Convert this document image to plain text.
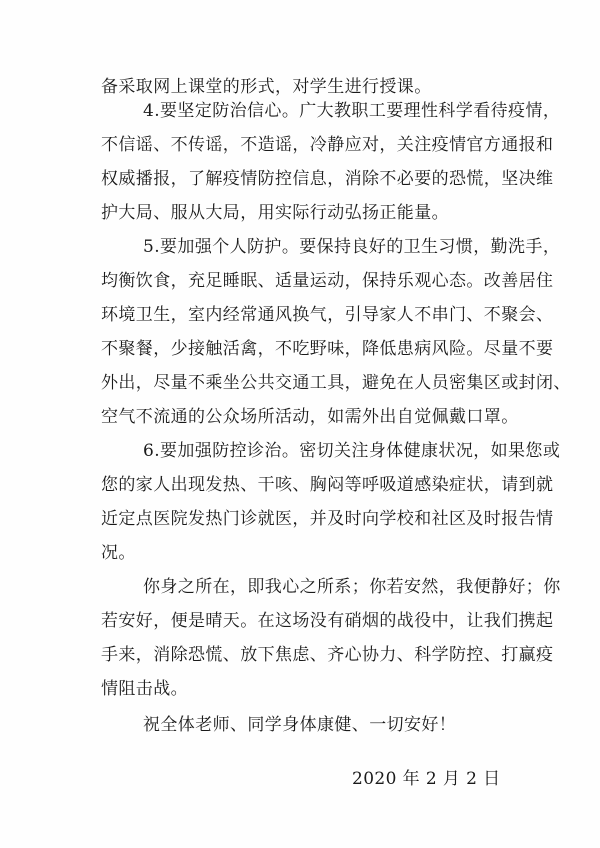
备采取网上课堂的形式，对学生进行授课。
4.要坚定防治信心。广大教职工要理性科学看待疫情，
不信谣、不传谣，不造谣，冷静应对，关注疫情官方通报和
权威播报，了解疫情防控信息，消除不必要的恐慌，坚决维
护大局、服从大局，用实际行动弘扬正能量。
5.要加强个人防护。要保持良好的卫生习惯，勤洗手，
均衡饮食，充足睡眠、适量运动，保持乐观心态。改善居住
环境卫生，室内经常通风换气，引导家人不串门、不聚会、
不聚餐，少接触活禽，不吃野味，降低患病风险。尽量不要
外出，尽量不乘坐公共交通工具，避免在人员密集区或封闭、
空气不流通的公众场所活动，如需外出自觉佩戴口罩。
6.要加强防控诊治。密切关注身体健康状况，如果您或
您的家人出现发热、干咳、胸闷等呼吸道感染症状，请到就
近定点医院发热门诊就医，并及时向学校和社区及时报告情
况。
你身之所在，即我心之所系；你若安然，我便静好；你
若安好，便是晴天。在这场没有硝烟的战役中，让我们携起
手来，消除恐慌、放下焦虑、齐心协力、科学防控、打赢疫
情阻击战。
祝全体老师、同学身体康健、一切安好！
2020 年 2 月 2 日
